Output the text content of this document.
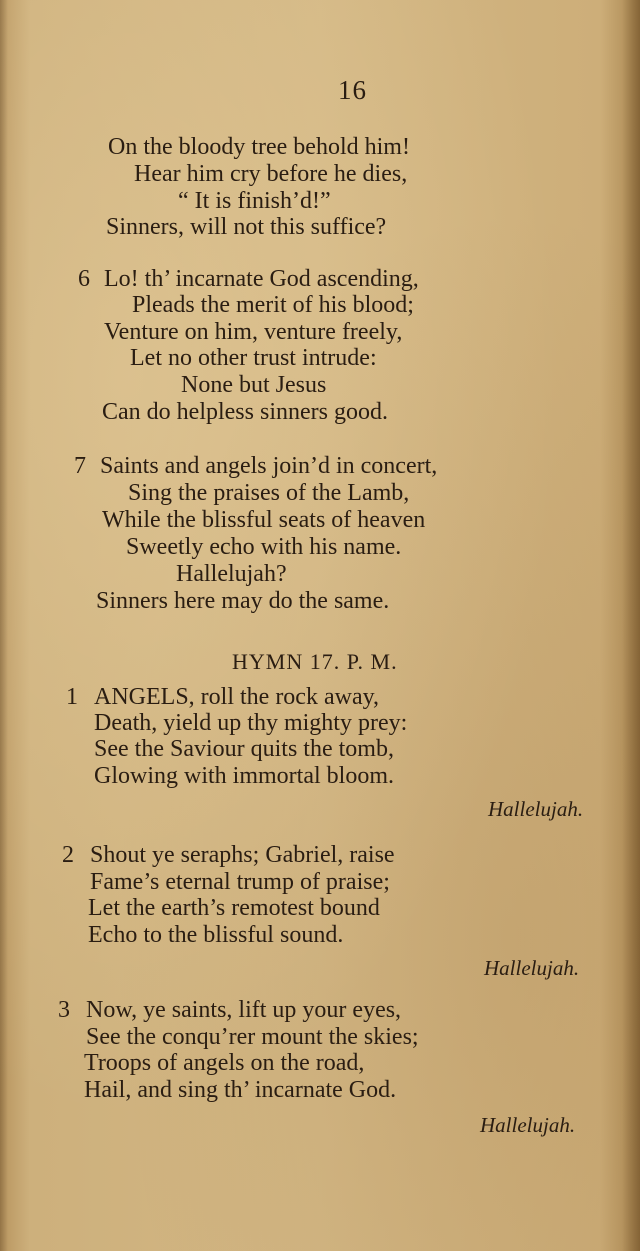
16
On the bloody tree behold him!
Hear him cry before he dies,
“ It is finish’d!”
Sinners, will not this suffice?
6 Lo! th’ incarnate God ascending,
Pleads the merit of his blood;
Venture on him, venture freely,
Let no other trust intrude:
None but Jesus
Can do helpless sinners good.
7 Saints and angels join’d in concert,
Sing the praises of the Lamb,
While the blissful seats of heaven
Sweetly echo with his name.
Hallelujah?
Sinners here may do the same.
HYMN 17. P. M.
1 ANGELS, roll the rock away,
Death, yield up thy mighty prey:
See the Saviour quits the tomb,
Glowing with immortal bloom.
Hallelujah.
2 Shout ye seraphs; Gabriel, raise
Fame’s eternal trump of praise;
Let the earth’s remotest bound
Echo to the blissful sound.
Hallelujah.
3 Now, ye saints, lift up your eyes,
See the conqu’rer mount the skies;
Troops of angels on the road,
Hail, and sing th’ incarnate God.
Hallelujah.
